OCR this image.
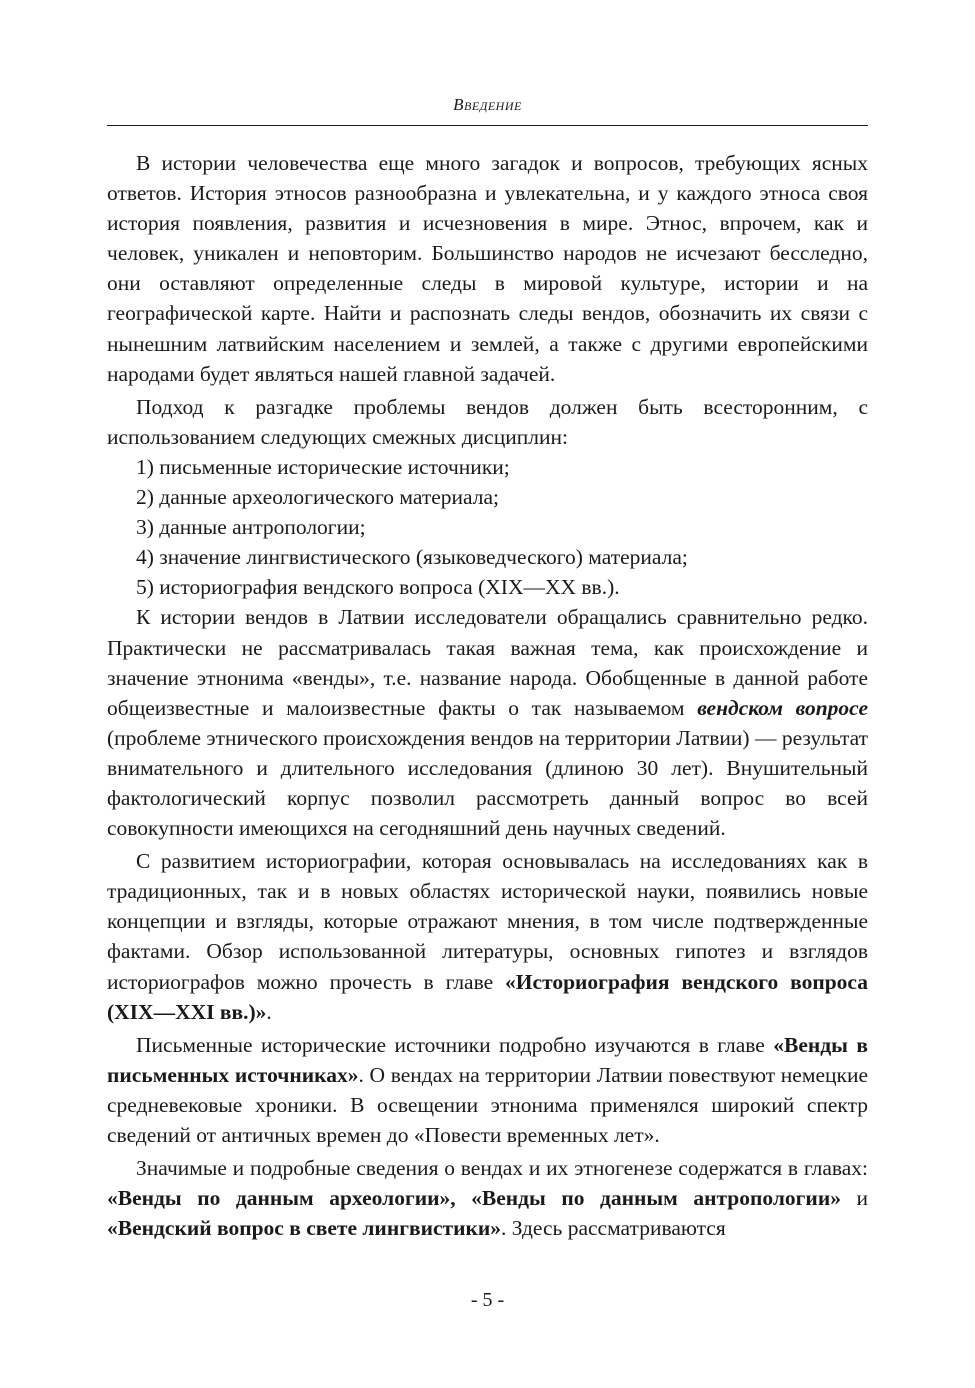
Введение

В истории человечества еще много загадок и вопросов, требующих ясных ответов. История этносов разнообразна и увлекательна, и у каждого этноса своя история появления, развития и исчезновения в мире. Этнос, впрочем, как и человек, уникален и неповторим. Большинство народов не исчезают бесследно, они оставляют определенные следы в мировой культуре, истории и на географической карте. Найти и распознать следы вендов, обозначить их связи с нынешним латвийским населением и землей, а также с другими европейскими народами будет являться нашей главной задачей.

Подход к разгадке проблемы вендов должен быть всесторонним, с использованием следующих смежных дисциплин:

1) письменные исторические источники;
2) данные археологического материала;
3) данные антропологии;
4) значение лингвистического (языковедческого) материала;
5) историография вендского вопроса (XIX—XX вв.).

К истории вендов в Латвии исследователи обращались сравнительно редко. Практически не рассматривалась такая важная тема, как происхождение и значение этнонима «венды», т.е. название народа. Обобщенные в данной работе общеизвестные и малоизвестные факты о так называемом вендском вопросе (проблеме этнического происхождения вендов на территории Латвии) — результат внимательного и длительного исследования (длиною 30 лет). Внушительный фактологический корпус позволил рассмотреть данный вопрос во всей совокупности имеющихся на сегодняшний день научных сведений.

С развитием историографии, которая основывалась на исследованиях как в традиционных, так и в новых областях исторической науки, появились новые концепции и взгляды, которые отражают мнения, в том числе подтвержденные фактами. Обзор использованной литературы, основных гипотез и взглядов историографов можно прочесть в главе «Историография вендского вопроса (XIX—XXI вв.)».

Письменные исторические источники подробно изучаются в главе «Венды в письменных источниках». О вендах на территории Латвии повествуют немецкие средневековые хроники. В освещении этнонима применялся широкий спектр сведений от античных времен до «Повести временных лет».

Значимые и подробные сведения о вендах и их этногенезе содержатся в главах: «Венды по данным археологии», «Венды по данным антропологии» и «Вендский вопрос в свете лингвистики». Здесь рассматриваются

- 5 -
